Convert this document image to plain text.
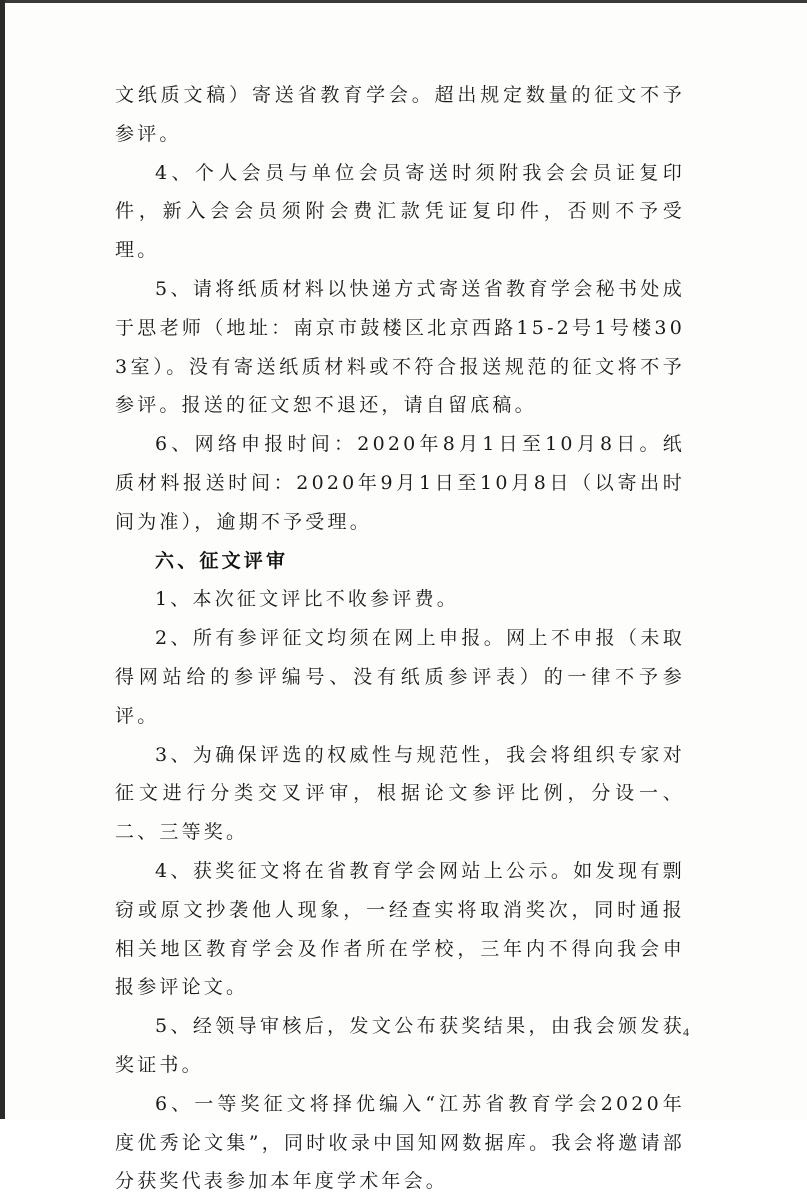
文纸质文稿）寄送省教育学会。超出规定数量的征文不予参评。

4、个人会员与单位会员寄送时须附我会会员证复印件，新入会会员须附会费汇款凭证复印件，否则不予受理。

5、请将纸质材料以快递方式寄送省教育学会秘书处成于思老师（地址：南京市鼓楼区北京西路15-2号1号楼303室）。没有寄送纸质材料或不符合报送规范的征文将不予参评。报送的征文恕不退还，请自留底稿。

6、网络申报时间：2020年8月1日至10月8日。纸质材料报送时间：2020年9月1日至10月8日（以寄出时间为准），逾期不予受理。

六、征文评审

1、本次征文评比不收参评费。

2、所有参评征文均须在网上申报。网上不申报（未取得网站给的参评编号、没有纸质参评表）的一律不予参评。

3、为确保评选的权威性与规范性，我会将组织专家对征文进行分类交叉评审，根据论文参评比例，分设一、二、三等奖。

4、获奖征文将在省教育学会网站上公示。如发现有剽窃或原文抄袭他人现象，一经查实将取消奖次，同时通报相关地区教育学会及作者所在学校，三年内不得向我会申报参评论文。

5、经领导审核后，发文公布获奖结果，由我会颁发获奖证书。

6、一等奖征文将择优编入“江苏省教育学会2020年度优秀论文集”，同时收录中国知网数据库。我会将邀请部分获奖代表参加本年度学术年会。

4
